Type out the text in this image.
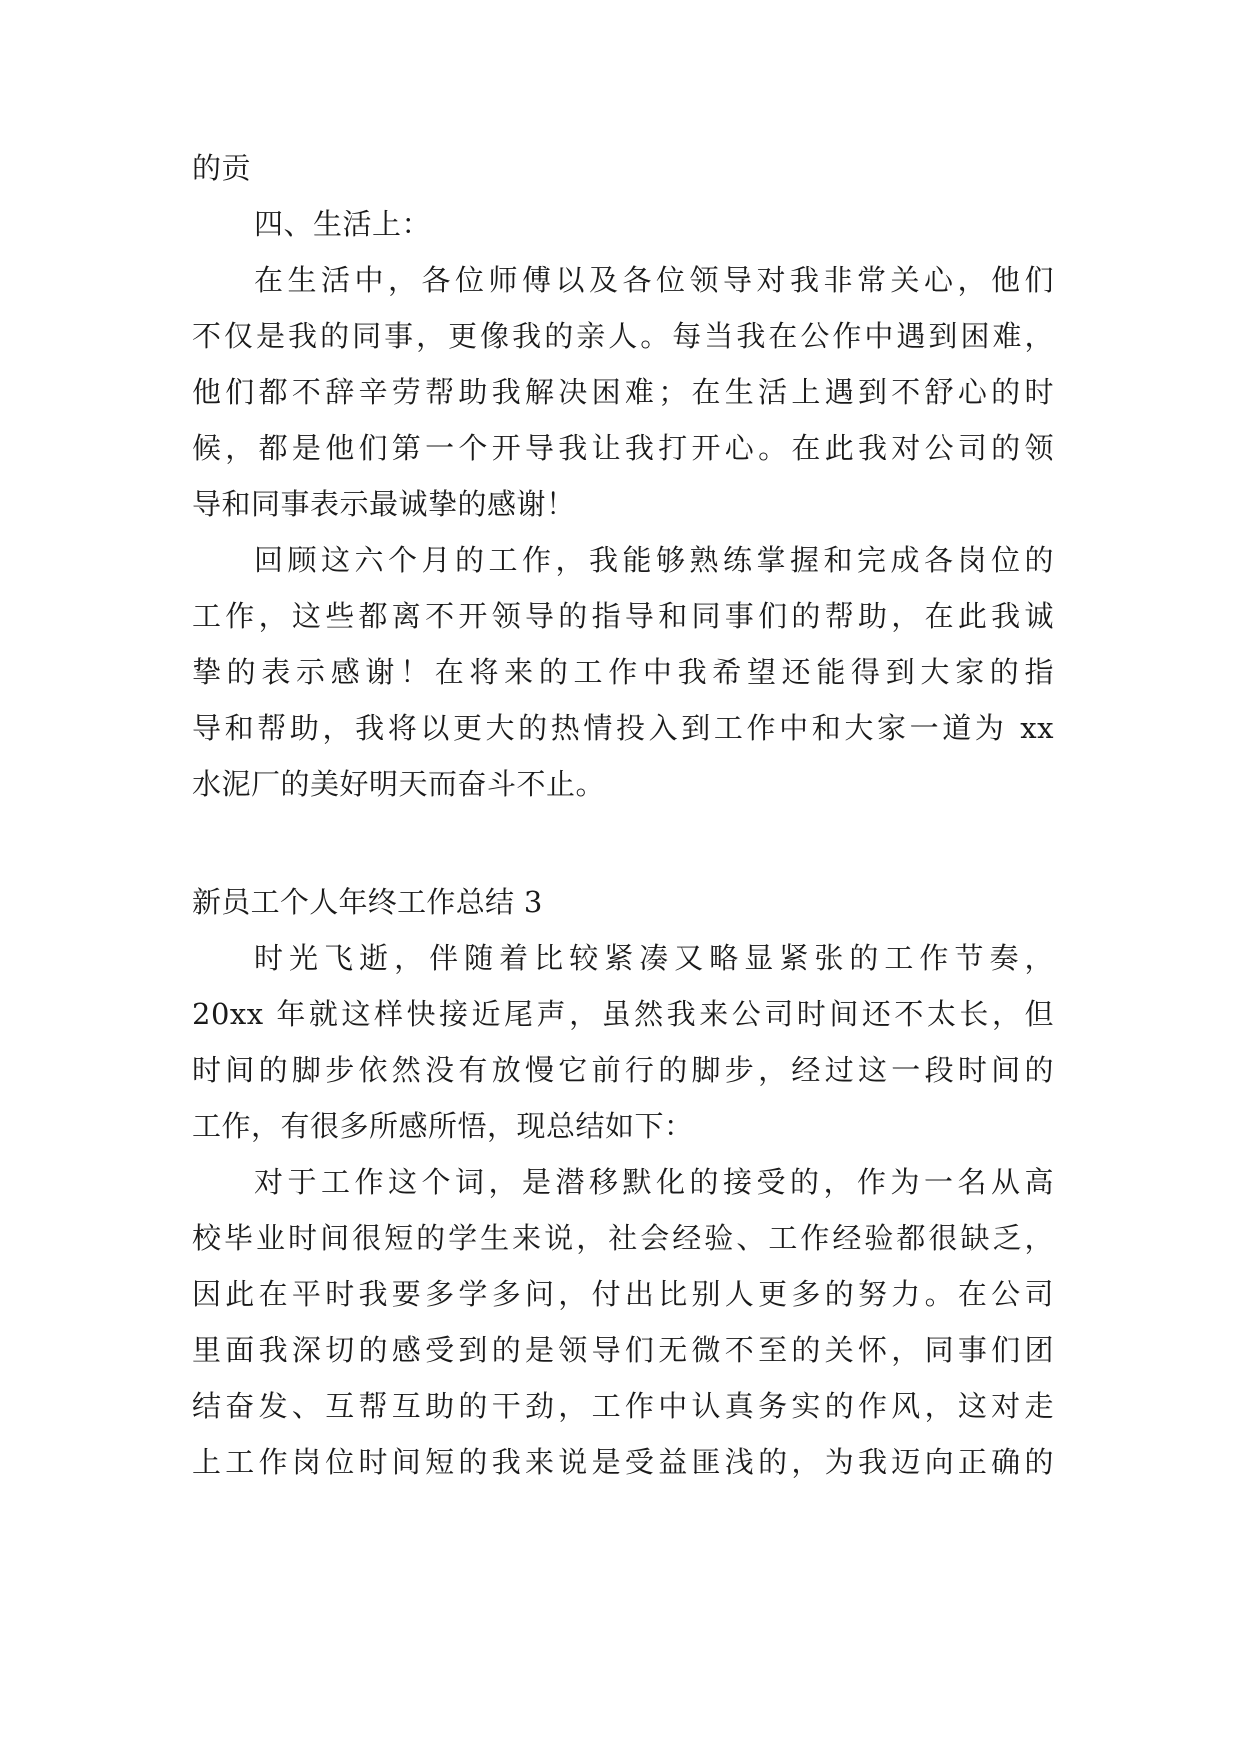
的贡
四、生活上：
在生活中，各位师傅以及各位领导对我非常关心，他们
不仅是我的同事，更像我的亲人。每当我在公作中遇到困难，
他们都不辞辛劳帮助我解决困难；在生活上遇到不舒心的时
候，都是他们第一个开导我让我打开心。在此我对公司的领
导和同事表示最诚挚的感谢！
回顾这六个月的工作，我能够熟练掌握和完成各岗位的
工作，这些都离不开领导的指导和同事们的帮助，在此我诚
挚的表示感谢！在将来的工作中我希望还能得到大家的指
导和帮助，我将以更大的热情投入到工作中和大家一道为 xx
水泥厂的美好明天而奋斗不止。
新员工个人年终工作总结 3
时光飞逝，伴随着比较紧凑又略显紧张的工作节奏，
20xx 年就这样快接近尾声，虽然我来公司时间还不太长，但
时间的脚步依然没有放慢它前行的脚步，经过这一段时间的
工作，有很多所感所悟，现总结如下：
对于工作这个词，是潜移默化的接受的，作为一名从高
校毕业时间很短的学生来说，社会经验、工作经验都很缺乏，
因此在平时我要多学多问，付出比别人更多的努力。在公司
里面我深切的感受到的是领导们无微不至的关怀，同事们团
结奋发、互帮互助的干劲，工作中认真务实的作风，这对走
上工作岗位时间短的我来说是受益匪浅的，为我迈向正确的
